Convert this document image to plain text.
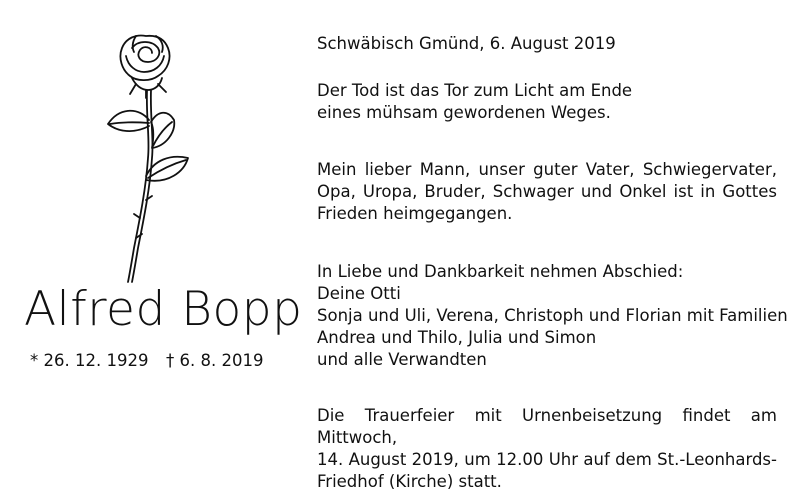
Alfred Bopp
* 26. 12. 1929 † 6. 8. 2019
Schwäbisch Gmünd, 6. August 2019
Der Tod ist das Tor zum Licht am Ende
eines mühsam gewordenen Weges.
Mein lieber Mann, unser guter Vater, Schwiegervater,
Opa, Uropa, Bruder, Schwager und Onkel ist in Gottes
Frieden heimgegangen.
In Liebe und Dankbarkeit nehmen Abschied:
Deine Otti
Sonja und Uli, Verena, Christoph und Florian mit Familien
Andrea und Thilo, Julia und Simon
und alle Verwandten
Die Trauerfeier mit Urnenbeisetzung findet am Mittwoch,
14. August 2019, um 12.00 Uhr auf dem St.-Leonhards-
Friedhof (Kirche) statt.
